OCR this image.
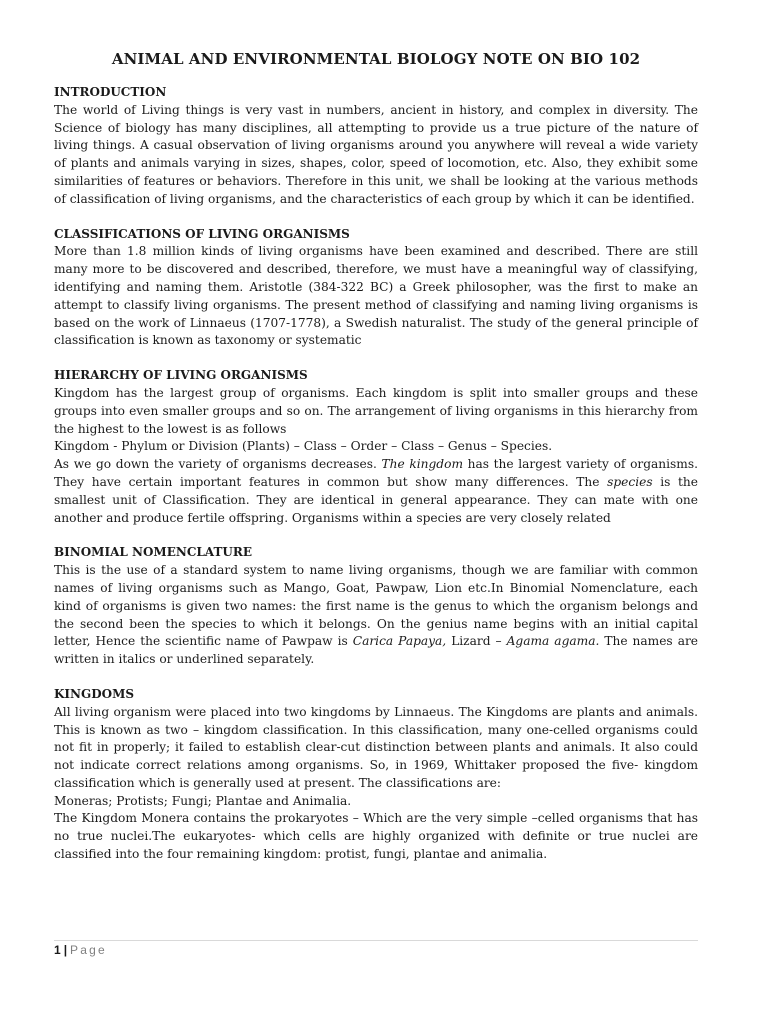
ANIMAL AND ENVIRONMENTAL BIOLOGY NOTE ON BIO 102

INTRODUCTION

The world of Living things is very vast in numbers, ancient in history, and complex in diversity. The Science of biology has many disciplines, all attempting to provide us a true picture of the nature of living things. A casual observation of living organisms around you anywhere will reveal a wide variety of plants and animals varying in sizes, shapes, color, speed of locomotion, etc. Also, they exhibit some similarities of features or behaviors. Therefore in this unit, we shall be looking at the various methods of classification of living organisms, and the characteristics of each group by which it can be identified.

CLASSIFICATIONS OF LIVING ORGANISMS

More than 1.8 million kinds of living organisms have been examined and described. There are still many more to be discovered and described, therefore, we must have a meaningful way of classifying, identifying and naming them. Aristotle (384-322 BC) a Greek philosopher, was the first to make an attempt to classify living organisms. The present method of classifying and naming living organisms is based on the work of Linnaeus (1707-1778), a Swedish naturalist. The study of the general principle of classification is known as taxonomy or systematic

HIERARCHY OF LIVING ORGANISMS

Kingdom has the largest group of organisms. Each kingdom is split into smaller groups and these groups into even smaller groups and so on. The arrangement of living organisms in this hierarchy from the highest to the lowest is as follows

Kingdom - Phylum or Division (Plants) – Class – Order – Class – Genus – Species.

As we go down the variety of organisms decreases. The kingdom has the largest variety of organisms. They have certain important features in common but show many differences. The species is the smallest unit of Classification. They are identical in general appearance. They can mate with one another and produce fertile offspring. Organisms within a species are very closely related

BINOMIAL NOMENCLATURE

This is the use of a standard system to name living organisms, though we are familiar with common names of living organisms such as Mango, Goat, Pawpaw, Lion etc.In Binomial Nomenclature, each kind of organisms is given two names: the first name is the genus to which the organism belongs and the second been the species to which it belongs. On the genius name begins with an initial capital letter, Hence the scientific name of Pawpaw is Carica Papaya, Lizard – Agama agama. The names are written in italics or underlined separately.

KINGDOMS

All living organism were placed into two kingdoms by Linnaeus. The Kingdoms are plants and animals. This is known as two – kingdom classification. In this classification, many one-celled organisms could not fit in properly; it failed to establish clear-cut distinction between plants and animals. It also could not indicate correct relations among organisms. So, in 1969, Whittaker proposed the five- kingdom classification which is generally used at present. The classifications are:

Moneras; Protists; Fungi; Plantae and Animalia.

The Kingdom Monera contains the prokaryotes – Which are the very simple –celled organisms that has no true nuclei.The eukaryotes- which cells are highly organized with definite or true nuclei are classified into the four remaining kingdom: protist, fungi, plantae and animalia.

1 | Page
